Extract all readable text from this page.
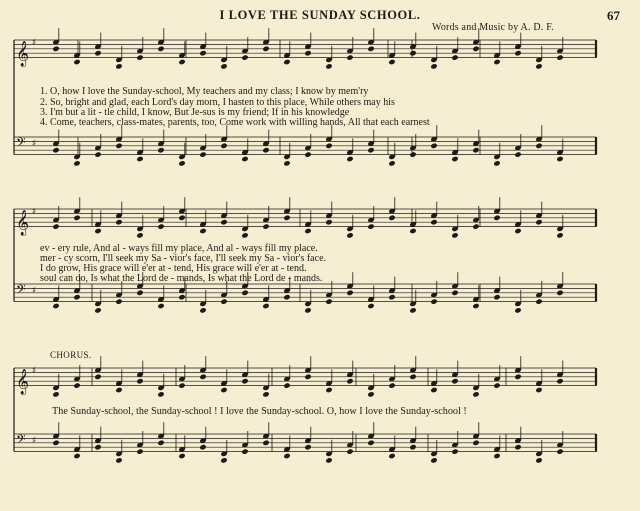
𝄞 ♯
𝄢 ♯
𝄞 ♯
𝄢 ♯
𝄞 ♯
𝄢 ♯
I LOVE THE SUNDAY SCHOOL.
Words and Music by A. D. F.
67
1. O, how I love the Sunday-school, My teachers and my class; I know by mem'ry
2. So, bright and glad, each Lord's day morn, I hasten to this place, While others may his
3. I'm but a lit - tle child, I know, But Je-sus is my friend; If in his knowledge
4. Come, teachers, class-mates, parents, too, Come work with willing hands, All that each earnest
ev - ery rule, And al - ways fill my place, And al - ways fill my place.
mer - cy scorn, I'll seek my Sa - vior's face, I'll seek my Sa - vior's face.
I do grow, His grace will e'er at - tend, His grace will e'er at - tend.
soul can do, Is what the Lord de - mands, Is what the Lord de - mands.
CHORUS.
The Sunday-school, the Sunday-school ! I love the Sunday-school. O, how I love the Sunday-school !
